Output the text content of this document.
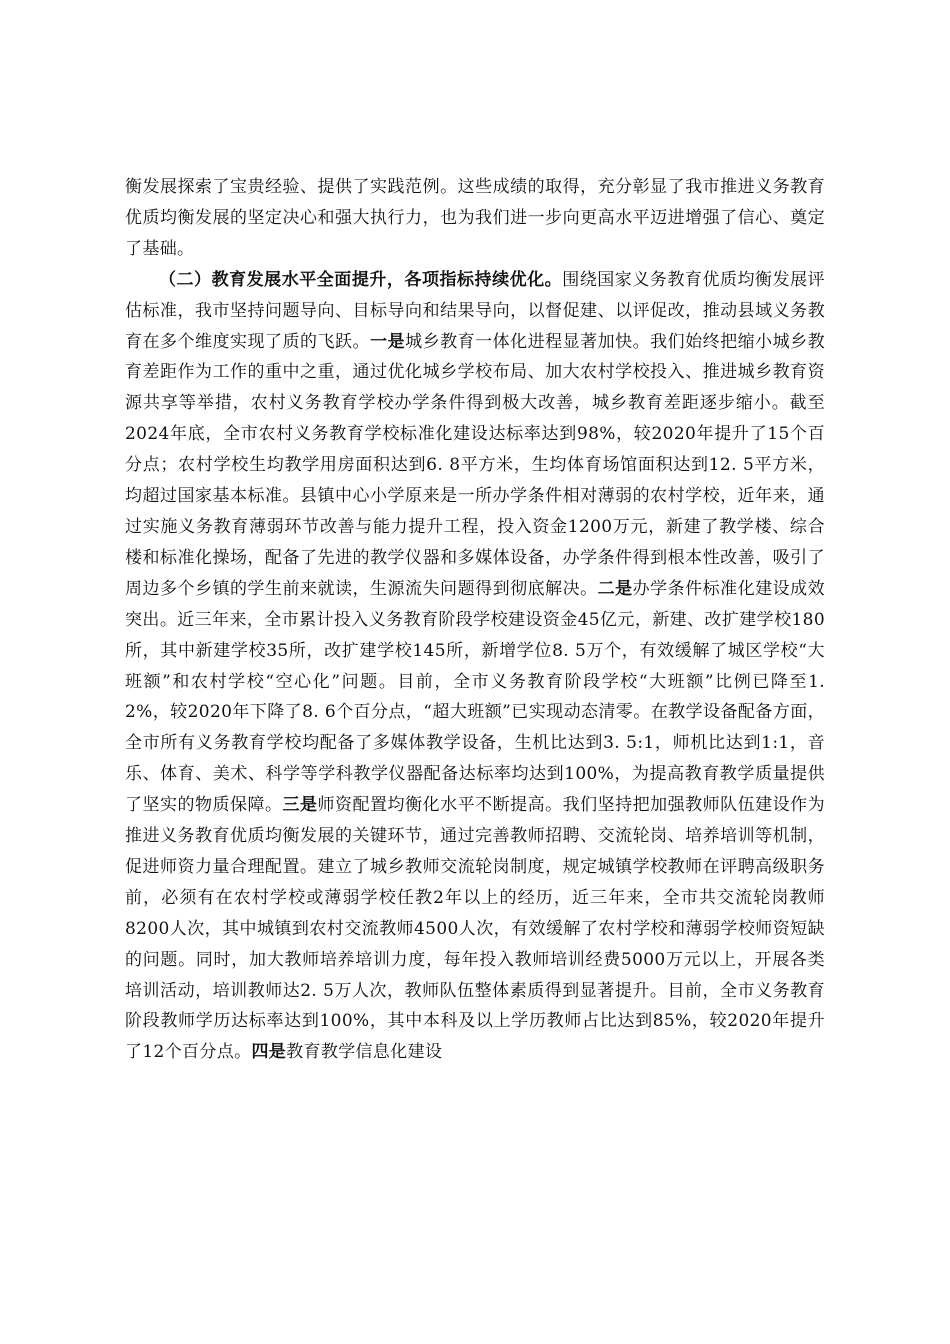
衡发展探索了宝贵经验、提供了实践范例。这些成绩的取得，充分彰显了我市推进义务教育优质均衡发展的坚定决心和强大执行力，也为我们进一步向更高水平迈进增强了信心、奠定了基础。

（二）教育发展水平全面提升，各项指标持续优化。围绕国家义务教育优质均衡发展评估标准，我市坚持问题导向、目标导向和结果导向，以督促建、以评促改，推动县域义务教育在多个维度实现了质的飞跃。一是城乡教育一体化进程显著加快。我们始终把缩小城乡教育差距作为工作的重中之重，通过优化城乡学校布局、加大农村学校投入、推进城乡教育资源共享等举措，农村义务教育学校办学条件得到极大改善，城乡教育差距逐步缩小。截至2024年底，全市农村义务教育学校标准化建设达标率达到98%，较2020年提升了15个百分点；农村学校生均教学用房面积达到6. 8平方米，生均体育场馆面积达到12. 5平方米，均超过国家基本标准。县镇中心小学原来是一所办学条件相对薄弱的农村学校，近年来，通过实施义务教育薄弱环节改善与能力提升工程，投入资金1200万元，新建了教学楼、综合楼和标准化操场，配备了先进的教学仪器和多媒体设备，办学条件得到根本性改善，吸引了周边多个乡镇的学生前来就读，生源流失问题得到彻底解决。二是办学条件标准化建设成效突出。近三年来，全市累计投入义务教育阶段学校建设资金45亿元，新建、改扩建学校180所，其中新建学校35所，改扩建学校145所，新增学位8. 5万个，有效缓解了城区学校“大班额”和农村学校“空心化”问题。目前，全市义务教育阶段学校“大班额”比例已降至1. 2%，较2020年下降了8. 6个百分点，“超大班额”已实现动态清零。在教学设备配备方面，全市所有义务教育学校均配备了多媒体教学设备，生机比达到3. 5:1，师机比达到1:1，音乐、体育、美术、科学等学科教学仪器配备达标率均达到100%，为提高教育教学质量提供了坚实的物质保障。三是师资配置均衡化水平不断提高。我们坚持把加强教师队伍建设作为推进义务教育优质均衡发展的关键环节，通过完善教师招聘、交流轮岗、培养培训等机制，促进师资力量合理配置。建立了城乡教师交流轮岗制度，规定城镇学校教师在评聘高级职务前，必须有在农村学校或薄弱学校任教2年以上的经历，近三年来，全市共交流轮岗教师8200人次，其中城镇到农村交流教师4500人次，有效缓解了农村学校和薄弱学校师资短缺的问题。同时，加大教师培养培训力度，每年投入教师培训经费5000万元以上，开展各类培训活动，培训教师达2. 5万人次，教师队伍整体素质得到显著提升。目前，全市义务教育阶段教师学历达标率达到100%，其中本科及以上学历教师占比达到85%，较2020年提升了12个百分点。四是教育教学信息化建设
